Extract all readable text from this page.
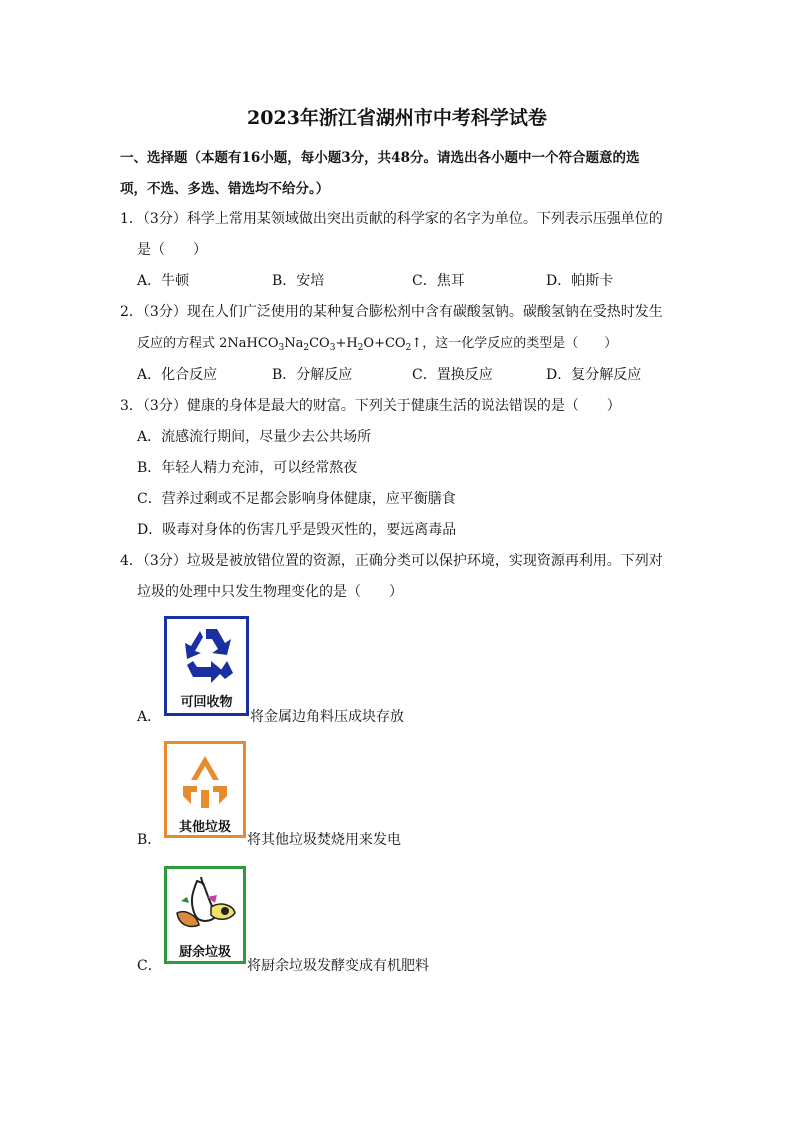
2023年浙江省湖州市中考科学试卷
一、选择题（本题有16小题，每小题3分，共48分。请选出各小题中一个符合题意的选
项，不选、多选、错选均不给分。）
1．（3分）科学上常用某领域做出突出贡献的科学家的名字为单位。下列表示压强单位的
是（　　）
A．牛顿	B．安培	C．焦耳	D．帕斯卡
2．（3分）现在人们广泛使用的某种复合膨松剂中含有碳酸氢钠。碳酸氢钠在受热时发生
反应的方程式 $2NaHCO_3Na_2CO_3+H_2O+CO_2↑$，这一化学反应的类型是（　　）
A．化合反应	B．分解反应	C．置换反应	D．复分解反应
3．（3分）健康的身体是最大的财富。下列关于健康生活的说法错误的是（　　）
A．流感流行期间，尽量少去公共场所
B．年轻人精力充沛，可以经常熬夜
C．营养过剩或不足都会影响身体健康，应平衡膳食
D．吸毒对身体的伤害几乎是毁灭性的，要远离毒品
4．（3分）垃圾是被放错位置的资源，正确分类可以保护环境，实现资源再利用。下列对
垃圾的处理中只发生物理变化的是（　　）
可回收物
A．	将金属边角料压成块存放
其他垃圾
B．	将其他垃圾焚烧用来发电
厨余垃圾
C．	将厨余垃圾发酵变成有机肥料
